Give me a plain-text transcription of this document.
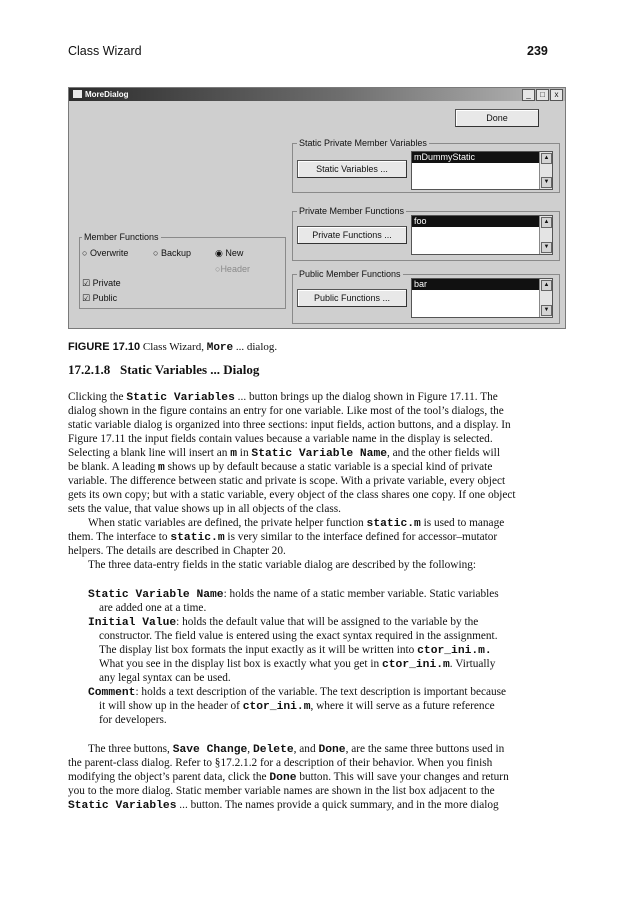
Class Wizard	239
MoreDialog	_ □ x
Done
Static Private Member Variables
Static Variables ...
mDummyStatic	▲
▼
Private Member Functions
Private Functions ...
foo	▲
▼
Public Member Functions
Public Functions ...
bar	▲
▼
Member Functions
○ Overwrite	○ Backup	◉ New
○Header
☑ Private
☑ Public
FIGURE 17.10 Class Wizard, More ... dialog.
17.2.1.8 Static Variables ... Dialog
Clicking the Static Variables ... button brings up the dialog shown in Figure 17.11. The
dialog shown in the figure contains an entry for one variable. Like most of the tool’s dialogs, the
static variable dialog is organized into three sections: input fields, action buttons, and a display. In
Figure 17.11 the input fields contain values because a variable name in the display is selected.
Selecting a blank line will insert an m in Static Variable Name, and the other fields will
be blank. A leading m shows up by default because a static variable is a special kind of private
variable. The difference between static and private is scope. With a private variable, every object
gets its own copy; but with a static variable, every object of the class shares one copy. If one object
sets the value, that value shows up in all objects of the class.
When static variables are defined, the private helper function static.m is used to manage
them. The interface to static.m is very similar to the interface defined for accessor–mutator
helpers. The details are described in Chapter 20.
The three data-entry fields in the static variable dialog are described by the following:
Static Variable Name: holds the name of a static member variable. Static variables
are added one at a time.
Initial Value: holds the default value that will be assigned to the variable by the
constructor. The field value is entered using the exact syntax required in the assignment.
The display list box formats the input exactly as it will be written into ctor_ini.m.
What you see in the display list box is exactly what you get in ctor_ini.m. Virtually
any legal syntax can be used.
Comment: holds a text description of the variable. The text description is important because
it will show up in the header of ctor_ini.m, where it will serve as a future reference
for developers.
The three buttons, Save Change, Delete, and Done, are the same three buttons used in
the parent-class dialog. Refer to §17.2.1.2 for a description of their behavior. When you finish
modifying the object’s parent data, click the Done button. This will save your changes and return
you to the more dialog. Static member variable names are shown in the list box adjacent to the
Static Variables ... button. The names provide a quick summary, and in the more dialog
